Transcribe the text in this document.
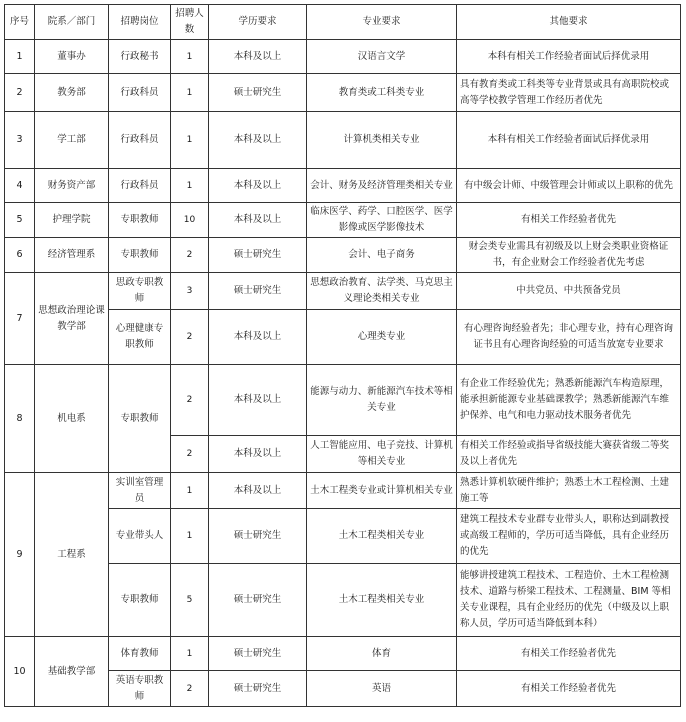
序号	院系／部门	招聘岗位	招聘人数	学历要求	专业要求	其他要求
1	董事办	行政秘书	1	本科及以上	汉语言文学	本科有相关工作经验者面试后择优录用
2	教务部	行政科员	1	硕士研究生	教育类或工科类专业	具有教育类或工科类等专业背景或具有高职院校或高等学校教学管理工作经历者优先
3	学工部	行政科员	1	本科及以上	计算机类相关专业	本科有相关工作经验者面试后择优录用
4	财务资产部	行政科员	1	本科及以上	会计、财务及经济管理类相关专业	有中级会计师、中级管理会计师或以上职称的优先
5	护理学院	专职教师	10	本科及以上	临床医学、药学、口腔医学、医学影像或医学影像技术	有相关工作经验者优先
6	经济管理系	专职教师	2	硕士研究生	会计、电子商务	财会类专业需具有初级及以上财会类职业资格证书，有企业财会工作经验者优先考虑
7	思想政治理论课教学部	思政专职教师	3	硕士研究生	思想政治教育、法学类、马克思主义理论类相关专业	中共党员、中共预备党员
		心理健康专职教师	2	本科及以上	心理类专业	有心理咨询经验者先；非心理专业，持有心理咨询证书且有心理咨询经验的可适当放宽专业要求
8	机电系	专职教师	2	本科及以上	能源与动力、新能源汽车技术等相关专业	有企业工作经验优先；熟悉新能源汽车构造原理，能承担新能源专业基础课教学；熟悉新能源汽车维护保养、电气和电力驱动技术服务者优先
			2	本科及以上	人工智能应用、电子竞技、计算机等相关专业	有相关工作经验或指导省级技能大赛获省级二等奖及以上者优先
9	工程系	实训室管理员	1	本科及以上	土木工程类专业或计算机相关专业	熟悉计算机软硬件维护；熟悉土木工程检测、土建施工等
		专业带头人	1	硕士研究生	土木工程类相关专业	建筑工程技术专业群专业带头人，职称达到副教授或高级工程师的，学历可适当降低，具有企业经历的优先
		专职教师	5	硕士研究生	土木工程类相关专业	能够讲授建筑工程技术、工程造价、土木工程检测技术、道路与桥梁工程技术、工程测量、BIM 等相关专业课程，具有企业经历的优先（中级及以上职称人员，学历可适当降低到本科）
10	基础教学部	体育教师	1	硕士研究生	体育	有相关工作经验者优先
		英语专职教师	2	硕士研究生	英语	有相关工作经验者优先
